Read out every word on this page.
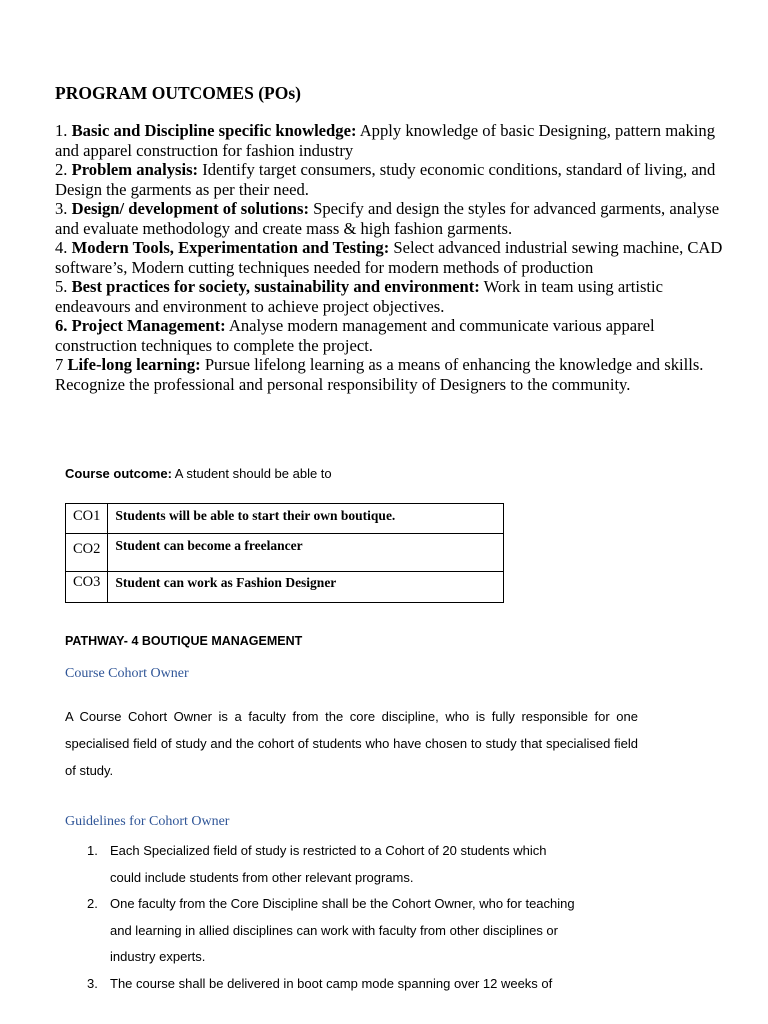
PROGRAM OUTCOMES (POs)

1. Basic and Discipline specific knowledge: Apply knowledge of basic Designing, pattern making and apparel construction for fashion industry

2. Problem analysis: Identify target consumers, study economic conditions, standard of living, and Design the garments as per their need.

3. Design/ development of solutions: Specify and design the styles for advanced garments, analyse and evaluate methodology and create mass & high fashion garments.

4. Modern Tools, Experimentation and Testing: Select advanced industrial sewing machine, CAD software’s, Modern cutting techniques needed for modern methods of production

5. Best practices for society, sustainability and environment: Work in team using artistic endeavours and environment to achieve project objectives.

6. Project Management: Analyse modern management and communicate various apparel construction techniques to complete the project.

7 Life-long learning: Pursue lifelong learning as a means of enhancing the knowledge and skills. Recognize the professional and personal responsibility of Designers to the community.

Course outcome: A student should be able to
CO1	Students will be able to start their own boutique.
CO2	Student can become a freelancer
CO3	Student can work as Fashion Designer
PATHWAY- 4 BOUTIQUE MANAGEMENT
Course Cohort Owner

A Course Cohort Owner is a faculty from the core discipline, who is fully responsible for one specialised field of study and the cohort of students who have chosen to study that specialised field of study.

Guidelines for Cohort Owner
1. Each Specialized field of study is restricted to a Cohort of 20 students which
could include students from other relevant programs.
2. One faculty from the Core Discipline shall be the Cohort Owner, who for teaching
and learning in allied disciplines can work with faculty from other disciplines or
industry experts.
3. The course shall be delivered in boot camp mode spanning over 12 weeks of
